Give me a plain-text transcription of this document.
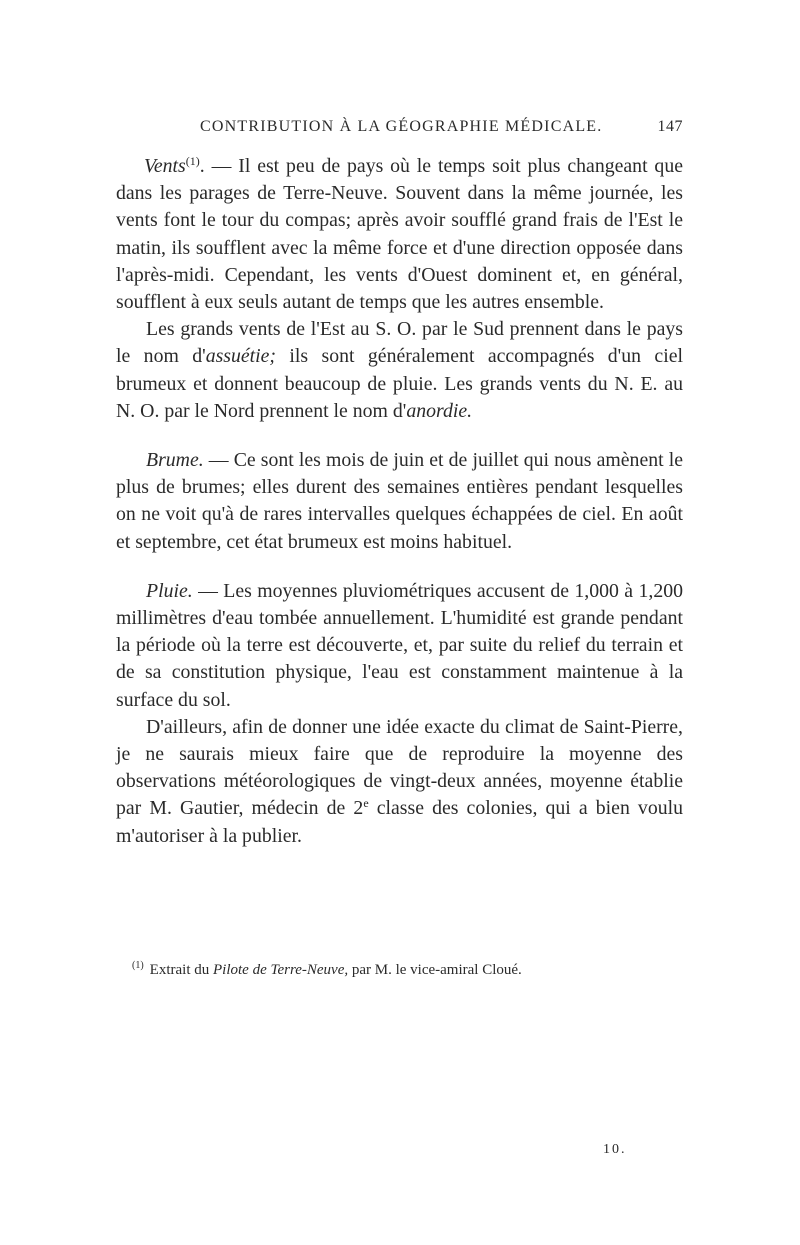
CONTRIBUTION À LA GÉOGRAPHIE MÉDICALE.	147

Vents$^{(1)}$. — Il est peu de pays où le temps soit plus changeant que dans les parages de Terre-Neuve. Souvent dans la même journée, les vents font le tour du compas; après avoir soufflé grand frais de l'Est le matin, ils soufflent avec la même force et d'une direction opposée dans l'après-midi. Cependant, les vents d'Ouest dominent et, en général, soufflent à eux seuls autant de temps que les autres ensemble.

Les grands vents de l'Est au S. O. par le Sud prennent dans le pays le nom d'assuétie; ils sont généralement accompagnés d'un ciel brumeux et donnent beaucoup de pluie. Les grands vents du N. E. au N. O. par le Nord prennent le nom d'anordie.

Brume. — Ce sont les mois de juin et de juillet qui nous amènent le plus de brumes; elles durent des semaines entières pendant lesquelles on ne voit qu'à de rares intervalles quelques échappées de ciel. En août et septembre, cet état brumeux est moins habituel.

Pluie. — Les moyennes pluviométriques accusent de 1,000 à 1,200 millimètres d'eau tombée annuellement. L'humidité est grande pendant la période où la terre est découverte, et, par suite du relief du terrain et de sa constitution physique, l'eau est constamment maintenue à la surface du sol.

D'ailleurs, afin de donner une idée exacte du climat de Saint-Pierre, je ne saurais mieux faire que de reproduire la moyenne des observations météorologiques de vingt-deux années, moyenne établie par M. Gautier, médecin de 2e classe des colonies, qui a bien voulu m'autoriser à la publier.

$^{(1)}$ Extrait du Pilote de Terre-Neuve, par M. le vice-amiral Cloué.
10.
